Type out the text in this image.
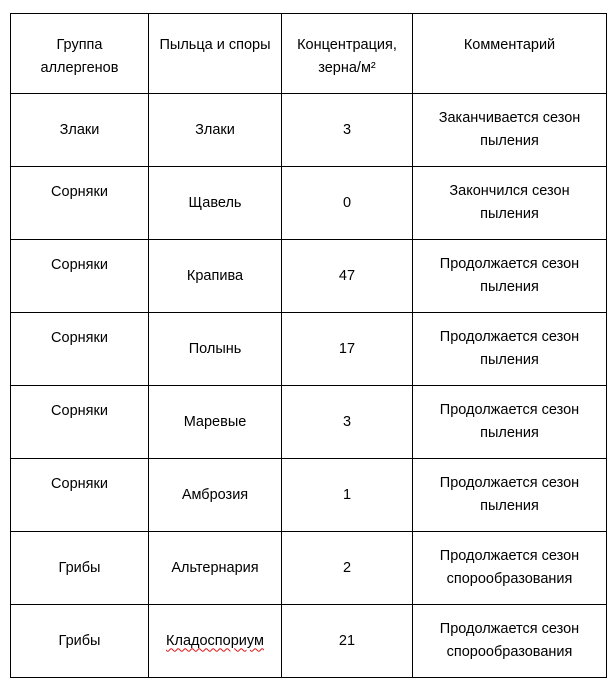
Группа аллергенов	Пыльца и споры	Концентрация, зерна/м²	Комментарий
Злаки	Злаки	3	Заканчивается сезон пыления
Сорняки	Щавель	0	Закончился сезон пыления
Сорняки	Крапива	47	Продолжается сезон пыления
Сорняки	Полынь	17	Продолжается сезон пыления
Сорняки	Маревые	3	Продолжается сезон пыления
Сорняки	Амброзия	1	Продолжается сезон пыления
Грибы	Альтернария	2	Продолжается сезон спорообразования
Грибы	Кладоспориум	21	Продолжается сезон спорообразования
